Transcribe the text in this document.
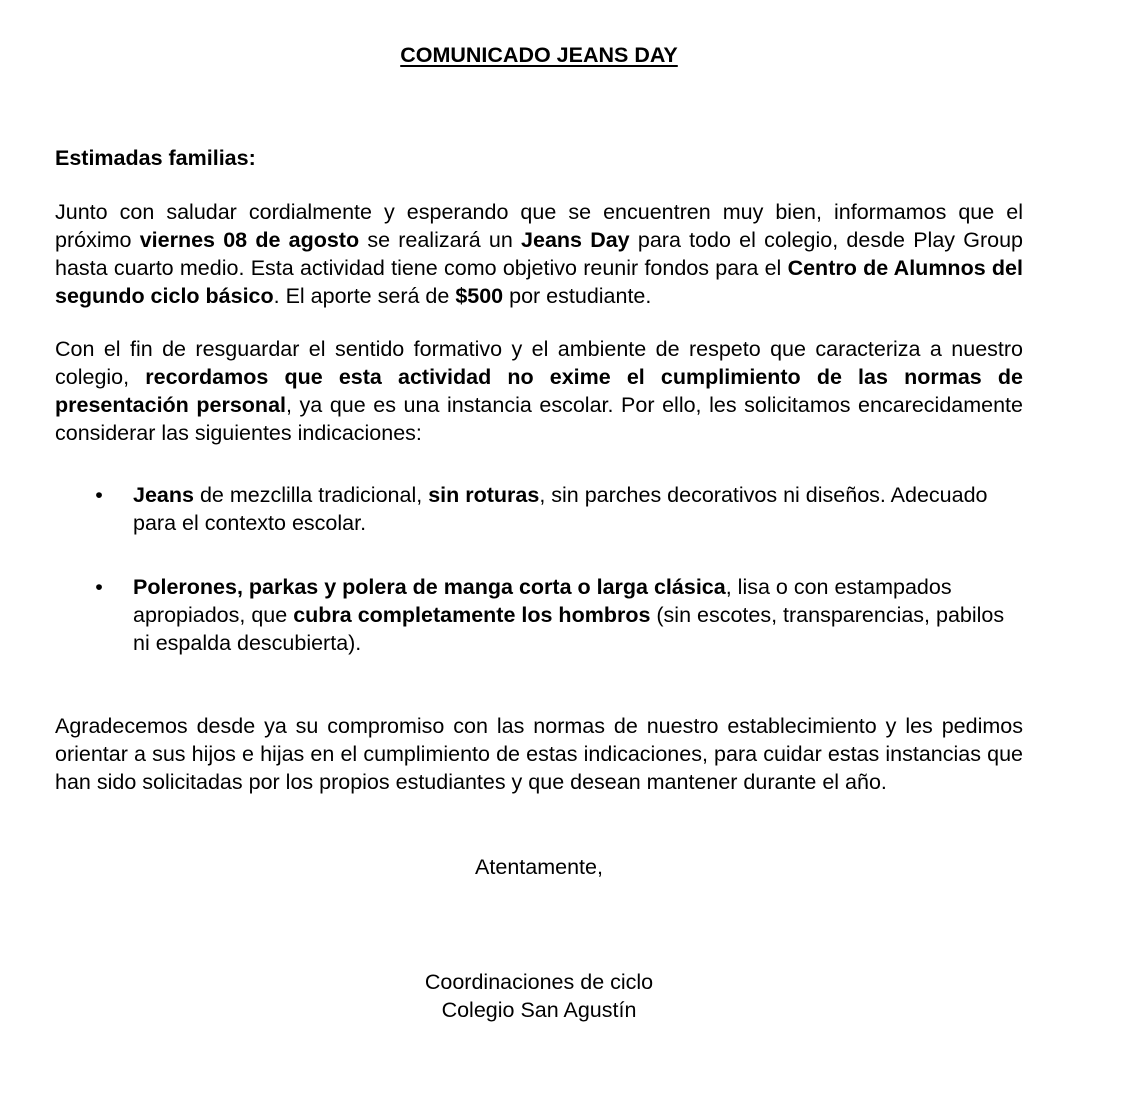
COMUNICADO JEANS DAY
Estimadas familias:

Junto con saludar cordialmente y esperando que se encuentren muy bien, informamos que el próximo viernes 08 de agosto se realizará un Jeans Day para todo el colegio, desde Play Group hasta cuarto medio. Esta actividad tiene como objetivo reunir fondos para el Centro de Alumnos del segundo ciclo básico. El aporte será de $500 por estudiante.

Con el fin de resguardar el sentido formativo y el ambiente de respeto que caracteriza a nuestro colegio, recordamos que esta actividad no exime el cumplimiento de las normas de presentación personal, ya que es una instancia escolar. Por ello, les solicitamos encarecidamente considerar las siguientes indicaciones:

• Jeans de mezclilla tradicional, sin roturas, sin parches decorativos ni diseños. Adecuado para el contexto escolar.

• Polerones, parkas y polera de manga corta o larga clásica, lisa o con estampados apropiados, que cubra completamente los hombros (sin escotes, transparencias, pabilos ni espalda descubierta).

Agradecemos desde ya su compromiso con las normas de nuestro establecimiento y les pedimos orientar a sus hijos e hijas en el cumplimiento de estas indicaciones, para cuidar estas instancias que han sido solicitadas por los propios estudiantes y que desean mantener durante el año.

Atentamente,
Coordinaciones de ciclo
Colegio San Agustín
